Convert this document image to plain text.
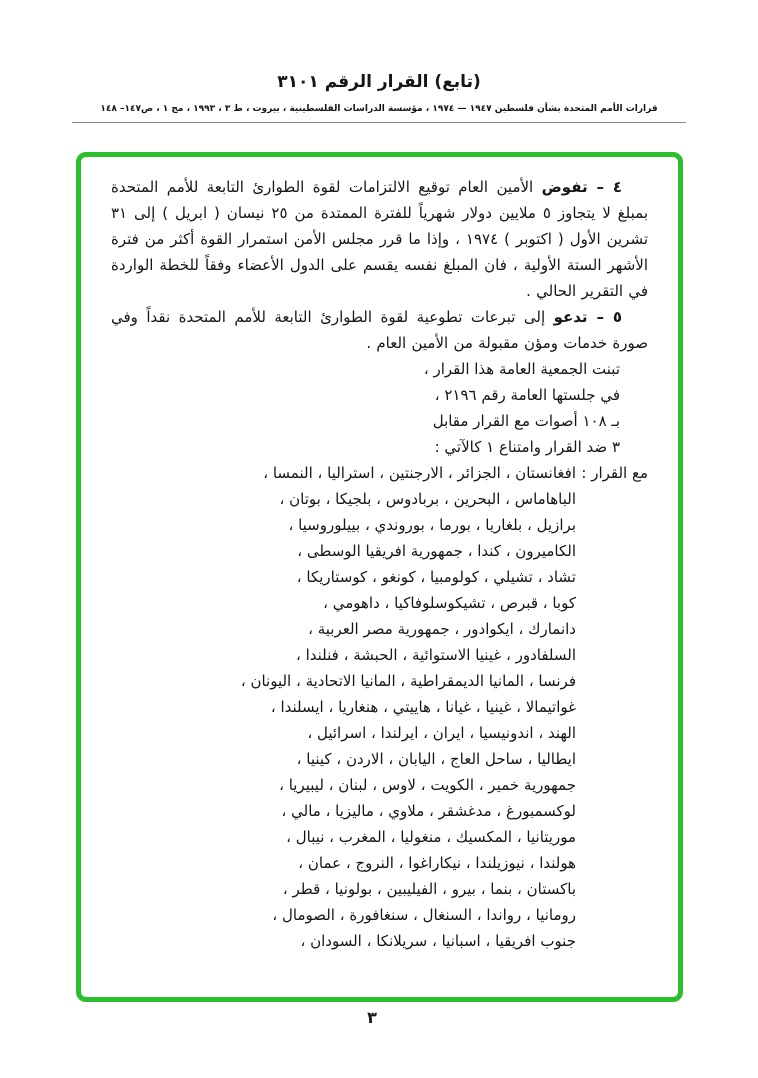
(تابع) القرار الرقم ٣١٠١
قرارات الأمم المتحدة بشأن فلسطين ١٩٤٧ — ١٩٧٤ ، مؤسسة الدراسات الفلسطينية ، بيروت ، ط ٣ ، ١٩٩٣ ، مج ١ ، ص١٤٧– ١٤٨

٤ – تفوض الأمين العام توقيع الالتزامات لقوة الطوارئ التابعة للأمم المتحدة بمبلغ لا يتجاوز ٥ ملايين دولار شهرياً للفترة الممتدة من ٢٥ نيسان ( ابريل ) إلى ٣١ تشرين الأول ( اكتوبر ) ١٩٧٤ ، وإذا ما قرر مجلس الأمن استمرار القوة أكثر من فترة الأشهر الستة الأولية ، فان المبلغ نفسه يقسم على الدول الأعضاء وفقاً للخطة الواردة في التقرير الحالي .

٥ – تدعو إلى تبرعات تطوعية لقوة الطوارئ التابعة للأمم المتحدة نقداً وفي صورة خدمات ومؤن مقبولة من الأمين العام .

تبنت الجمعية العامة هذا القرار ،
في جلستها العامة رقم ٢١٩٦ ،
بـ ١٠٨ أصوات مع القرار مقابل
٣ ضد القرار وامتناع ١ كالآتي :
مع القرار :
افغانستان ، الجزائر ، الارجنتين ، استراليا ، النمسا ،
الباهاماس ، البحرين ، بربادوس ، بلجيكا ، بوتان ،
برازيل ، بلغاريا ، بورما ، بوروندي ، بييلوروسيا ،
الكاميرون ، كندا ، جمهورية افريقيا الوسطى ،
تشاد ، تشيلي ، كولومبيا ، كونغو ، كوستاريكا ،
كوبا ، قبرص ، تشيكوسلوفاكيا ، داهومي ،
دانمارك ، ايكوادور ، جمهورية مصر العربية ،
السلفادور ، غينيا الاستوائية ، الحبشة ، فنلندا ،
فرنسا ، المانيا الديمقراطية ، المانيا الاتحادية ، اليونان ،
غواتيمالا ، غينيا ، غيانا ، هاييتي ، هنغاريا ، ايسلندا ،
الهند ، اندونيسيا ، ايران ، ايرلندا ، اسرائيل ،
ايطاليا ، ساحل العاج ، اليابان ، الاردن ، كينيا ،
جمهورية خمير ، الكويت ، لاوس ، لبنان ، ليبيريا ،
لوكسمبورغ ، مدغشقر ، ملاوي ، ماليزيا ، مالي ،
موريتانيا ، المكسيك ، منغوليا ، المغرب ، نيبال ،
هولندا ، نيوزيلندا ، نيكاراغوا ، النروج ، عمان ،
باكستان ، بنما ، بيرو ، الفيليبين ، بولونيا ، قطر ،
رومانيا ، رواندا ، السنغال ، سنغافورة ، الصومال ،
جنوب افريقيا ، اسبانيا ، سريلانكا ، السودان ،
٣
